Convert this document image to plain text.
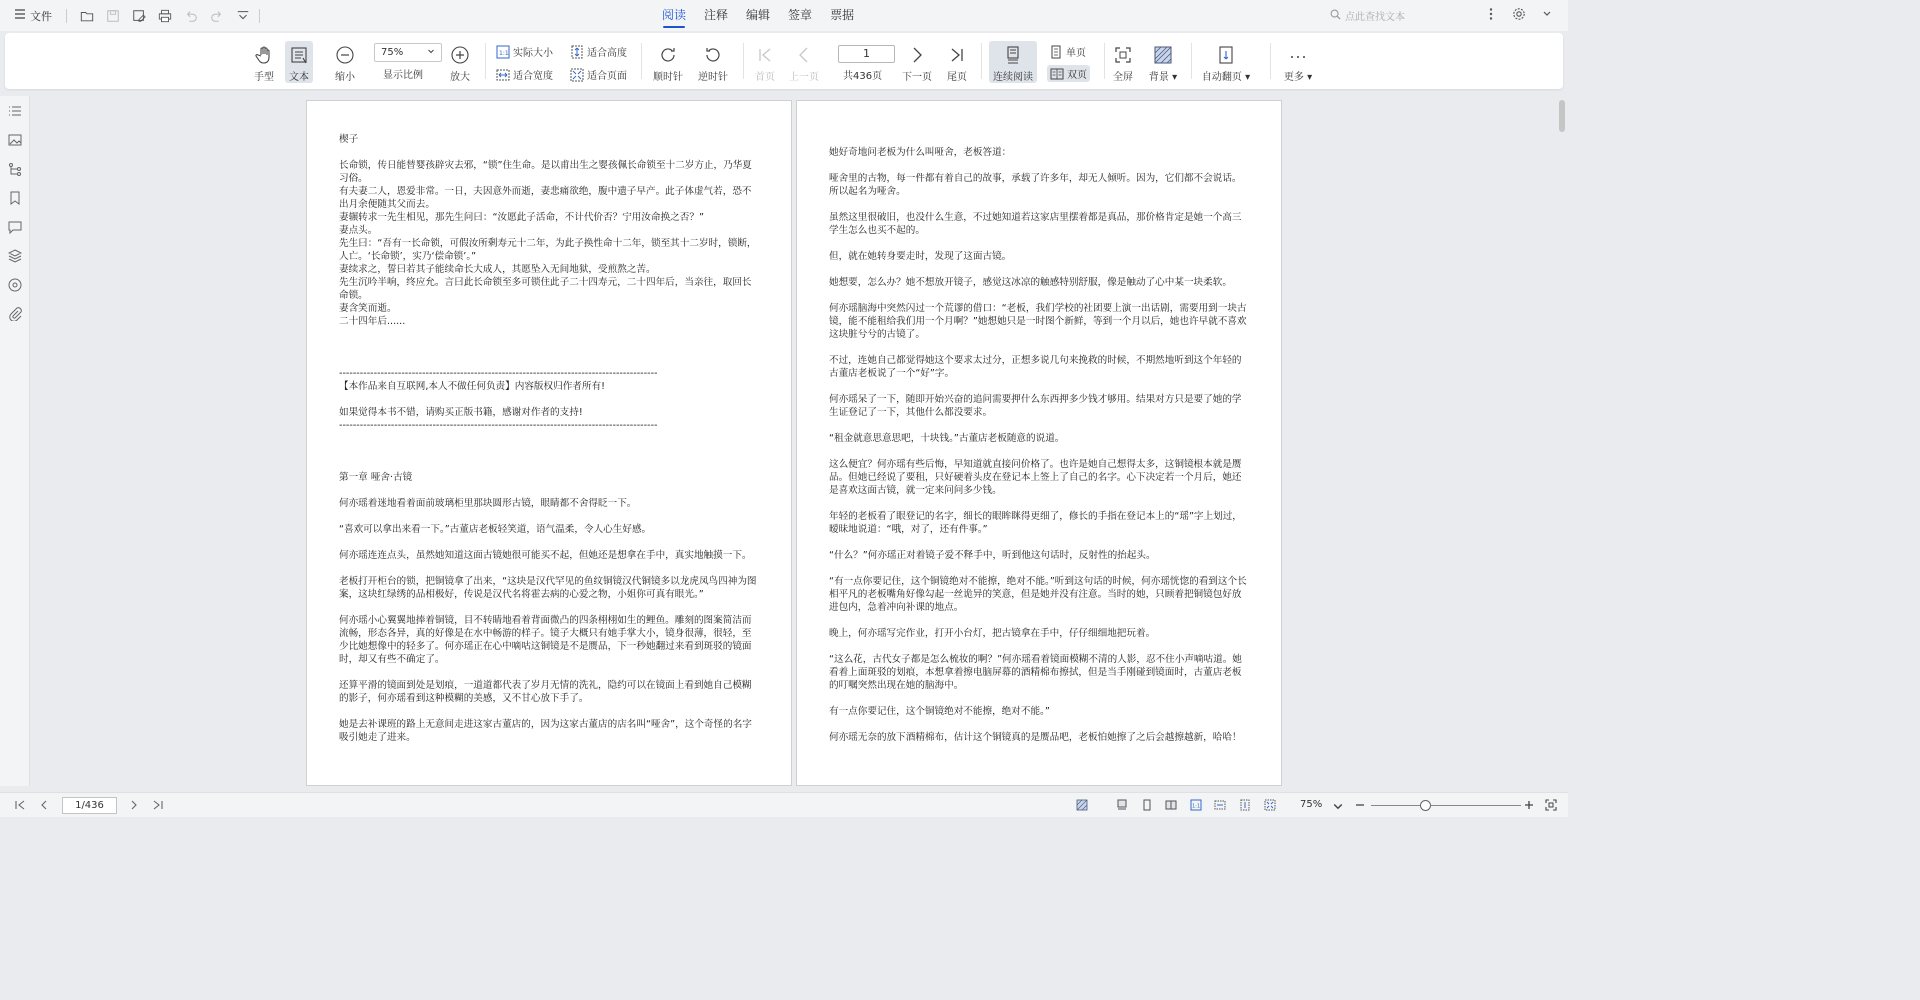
文件	阅读 注释 编辑 签章 票据	点此查找文本
手型 文本	缩小
75%
显示比例	放大
1:1 实际大小
适合宽度
适合高度
适合页面	顺时针 逆时针	首页 上一页
1
共436页 下一页 尾页	连续阅读
单页
双页	全屏 背景 ▾ 自动翻页 ▾	更多 ▾

楔子

长命锁，传日能替婴孩辟灾去邪，“锁”住生命。是以甫出生之婴孩佩长命锁至十二岁方止，乃华夏习俗。
有夫妻二人，恩爱非常。一日，夫因意外而逝，妻悲痛欲绝，腹中遗子早产。此子体虚气若，恐不出月余便随其父而去。
妻辗转求一先生相见，那先生问曰：“汝愿此子活命，不计代价否？宁用汝命换之否？”
妻点头。
先生曰：“吾有一长命锁，可假汝所剩寿元十二年，为此子换性命十二年，锁至其十二岁时，锁断，人亡。‘长命锁’，实乃‘偿命锁’。”
妻续求之，誓曰若其子能续命长大成人，其愿坠入无间地狱，受煎熬之苦。
先生沉吟半响，终应允。言曰此长命锁至多可锁住此子二十四寿元，二十四年后，当亲往，取回长命锁。
妻含笑而逝。
二十四年后......

--------------------------------------------------------------------------------------------
【本作品来自互联网,本人不做任何负责】内容版权归作者所有!

如果觉得本书不错，请购买正版书籍，感谢对作者的支持!
--------------------------------------------------------------------------------------------

第一章 哑舍·古镜

何亦瑶着迷地看着面前玻璃柜里那块圆形古镜，眼睛都不舍得眨一下。

“喜欢可以拿出来看一下。”古董店老板轻笑道，语气温柔，令人心生好感。

何亦瑶连连点头，虽然她知道这面古镜她很可能买不起，但她还是想拿在手中，真实地触摸一下。

老板打开柜台的锁，把铜镜拿了出来，“这块是汉代罕见的鱼纹铜镜汉代铜镜多以龙虎凤鸟四神为图案，这块红绿绣的品相极好，传说是汉代名将霍去病的心爱之物，小姐你可真有眼光。”

何亦瑶小心翼翼地捧着铜镜，目不转睛地看着背面微凸的四条栩栩如生的鲤鱼。雕刻的图案简洁而流畅，形态各异，真的好像是在水中畅游的样子。镜子大概只有她手掌大小，镜身很薄，很轻，至少比她想像中的轻多了。何亦瑶正在心中嘀咕这铜镜是不是赝品，下一秒她翻过来看到斑驳的镜面时，却又有些不确定了。

还算平滑的镜面到处是划痕，一道道都代表了岁月无情的洗礼，隐约可以在镜面上看到她自己模糊的影子，何亦瑶看到这种模糊的美感，又不甘心放下手了。

她是去补课班的路上无意间走进这家古董店的，因为这家古董店的店名叫“哑舍”，这个奇怪的名字吸引她走了进来。

她好奇地问老板为什么叫哑舍，老板答道：

哑舍里的古物，每一件都有着自己的故事，承载了许多年，却无人倾听。因为，它们都不会说话。所以起名为哑舍。

虽然这里很破旧，也没什么生意，不过她知道若这家店里摆着都是真品，那价格肯定是她一个高三学生怎么也买不起的。

但，就在她转身要走时，发现了这面古镜。

她想要，怎么办？她不想放开镜子，感觉这冰凉的触感特别舒服，像是触动了心中某一块柔软。

何亦瑶脑海中突然闪过一个荒谬的借口：“老板，我们学校的社团要上演一出话剧，需要用到一块古镜，能不能租给我们用一个月啊？”她想她只是一时图个新鲜，等到一个月以后，她也许早就不喜欢这块脏兮兮的古镜了。

不过，连她自己都觉得她这个要求太过分，正想多说几句来挽救的时候，不期然地听到这个年轻的古董店老板说了一个“好”字。

何亦瑶呆了一下，随即开始兴奋的追问需要押什么东西押多少钱才够用。结果对方只是要了她的学生证登记了一下，其他什么都没要求。

“租金就意思意思吧，十块钱。”古董店老板随意的说道。

这么便宜？何亦瑶有些后悔，早知道就直接问价格了。也许是她自己想得太多，这铜镜根本就是赝品。但她已经说了要租，只好硬着头皮在登记本上签上了自己的名字。心下决定若一个月后，她还是喜欢这面古镜，就一定来问问多少钱。

年轻的老板看了眼登记的名字，细长的眼眸眯得更细了，修长的手指在登记本上的“瑶”字上划过，暧昧地说道：“哦，对了，还有件事。”

“什么？”何亦瑶正对着镜子爱不释手中，听到他这句话时，反射性的抬起头。

“有一点你要记住，这个铜镜绝对不能擦，绝对不能。”听到这句话的时候，何亦瑶恍惚的看到这个长相平凡的老板嘴角好像勾起一丝诡异的笑意，但是她并没有注意。当时的她，只顾着把铜镜包好放进包内，急着冲向补课的地点。

晚上，何亦瑶写完作业，打开小台灯，把古镜拿在手中，仔仔细细地把玩着。

“这么花，古代女子都是怎么梳妆的啊？”何亦瑶看着镜面模糊不清的人影，忍不住小声嘀咕道。她看着上面斑驳的划痕，本想拿着擦电脑屏幕的酒精棉布擦拭，但是当手刚碰到镜面时，古董店老板的叮嘱突然出现在她的脑海中。

有一点你要记住，这个铜镜绝对不能擦，绝对不能。”

何亦瑶无奈的放下酒精棉布，估计这个铜镜真的是赝品吧，老板怕她擦了之后会越擦越新，哈哈！

1/436	1:1	75%
